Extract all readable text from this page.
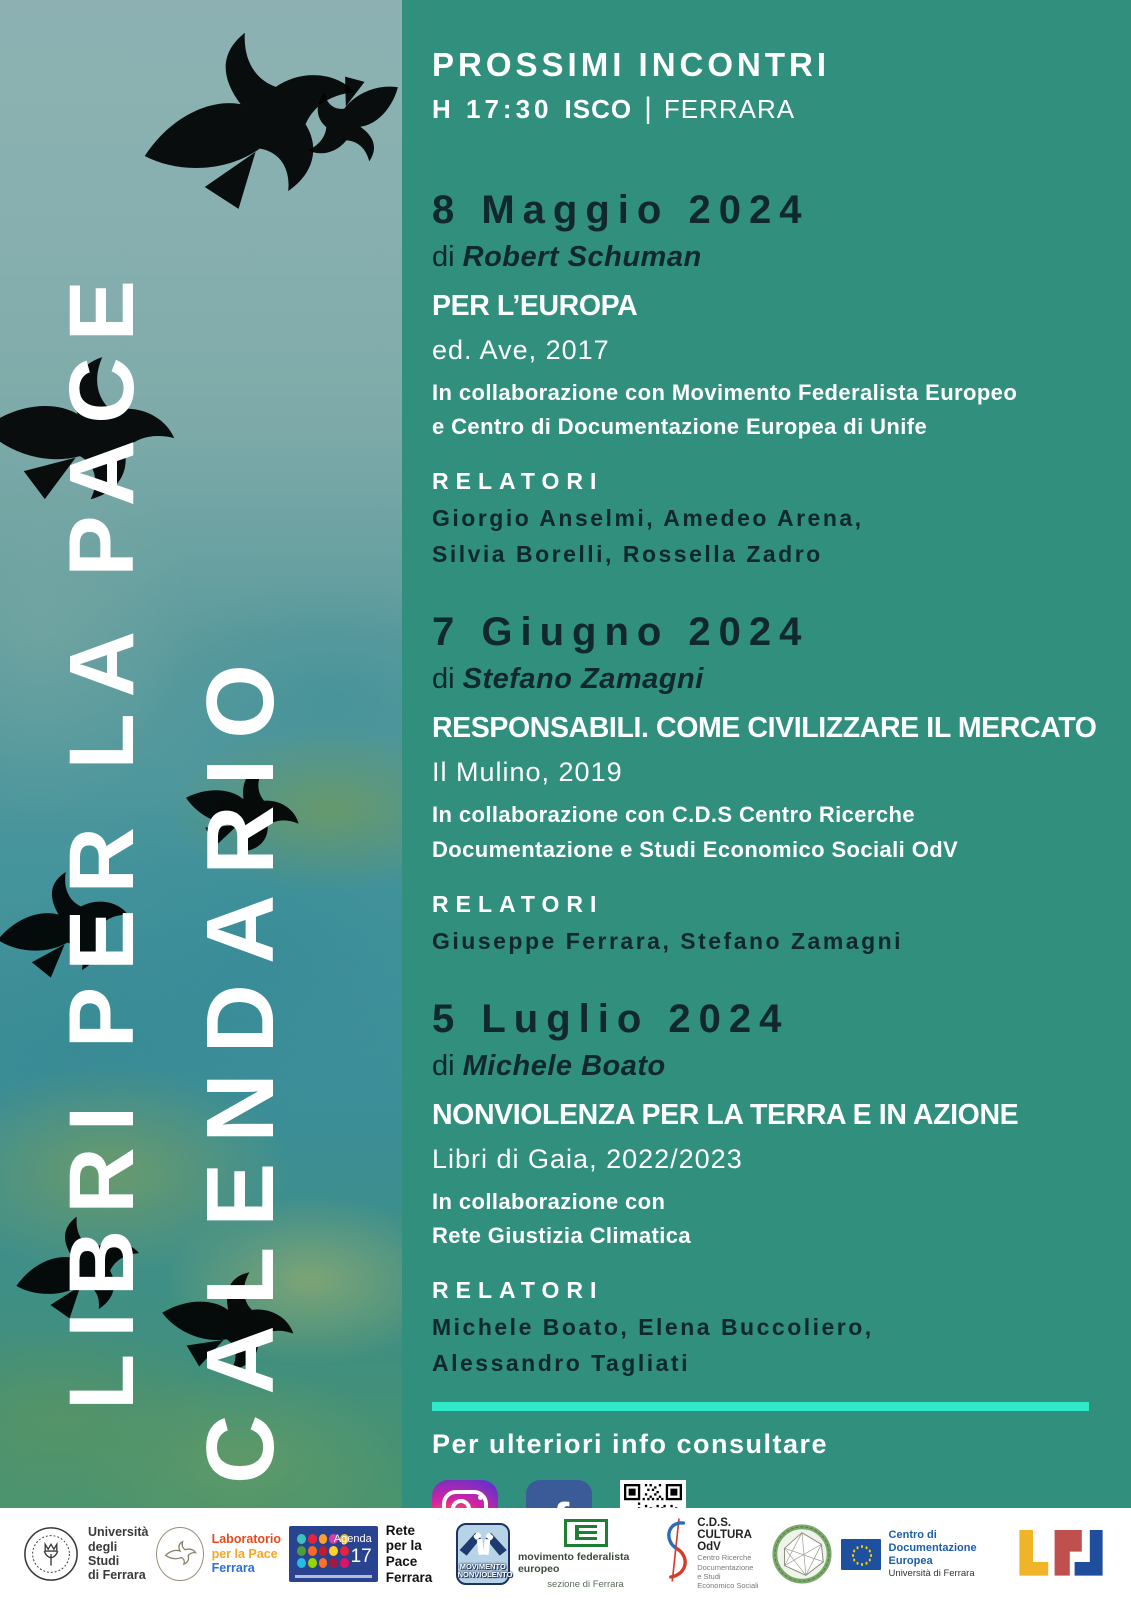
LIBRI PER LA PACE CALENDARIO
PROSSIMI INCONTRI
H 17:30 ISCO | FERRARA
8 Maggio 2024
di Robert Schuman
PER L’EUROPA
ed. Ave, 2017
In collaborazione con Movimento Federalista Europeo
e Centro di Documentazione Europea di Unife
RELATORI
Giorgio Anselmi, Amedeo Arena,
Silvia Borelli, Rossella Zadro
7 Giugno 2024
di Stefano Zamagni
RESPONSABILI. COME CIVILIZZARE IL MERCATO
Il Mulino, 2019
In collaborazione con C.D.S Centro Ricerche
Documentazione e Studi Economico Sociali OdV
RELATORI
Giuseppe Ferrara, Stefano Zamagni
5 Luglio 2024
di Michele Boato
NONVIOLENZA PER LA TERRA E IN AZIONE
Libri di Gaia, 2022/2023
In collaborazione con
Rete Giustizia Climatica
RELATORI
Michele Boato, Elena Buccoliero,
Alessandro Tagliati
Per ulteriori info consultare
Università
degli Studi
di Ferrara
Laboratorio
per la Pace
Ferrara
Agenda
17
Rete
per la Pace
Ferrara
MOVIMENTO
NONVIOLENTO
movimento federalista europeo
sezione di Ferrara
C.D.S.
CULTURA OdV
Centro Ricerche
Documentazione
e Studi
Economico Sociali
Centro di
Documentazione Europea
Università di Ferrara
